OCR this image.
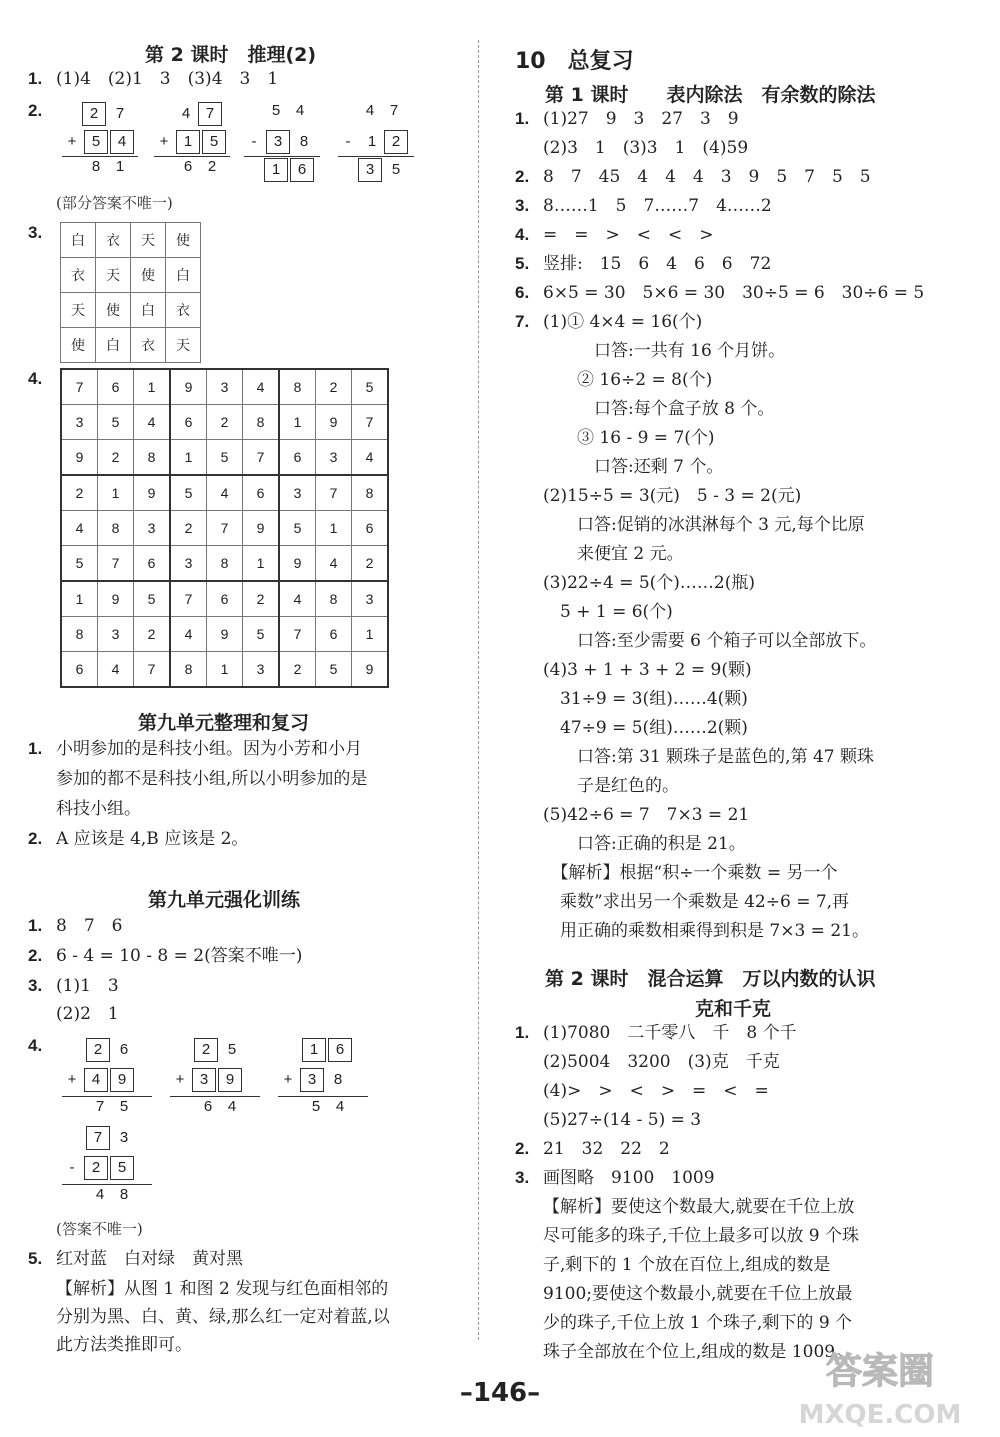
第 2 课时　推理(2)
1. (1)4　(2)1　3　(3)4　3　1
2.	2 7
+ 5 4
8 1
4 7
+ 1 5
6 2
5 4
- 3 8
1 6
4 7
- 1 2
3 5
(部分答案不唯一)
3.	白	衣	天	使
衣	天	使	白
天	使	白	衣
使	白	衣	天
4.	7	6	1	9	3	4	8	2	5
3	5	4	6	2	8	1	9	7
9	2	8	1	5	7	6	3	4
2	1	9	5	4	6	3	7	8
4	8	3	2	7	9	5	1	6
5	7	6	3	8	1	9	4	2
1	9	5	7	6	2	4	8	3
8	3	2	4	9	5	7	6	1
6	4	7	8	1	3	2	5	9
第九单元整理和复习
1. 小明参加的是科技小组。因为小芳和小月
参加的都不是科技小组,所以小明参加的是
科技小组。
2. A 应该是 4,B 应该是 2。
第九单元强化训练
1. 8　7　6
2. 6 - 4 = 10 - 8 = 2(答案不唯一)
3. (1)1　3
(2)2　1
4.	2 6
+ 4 9
7 5
2 5
+ 3 9
6 4
1 6
+ 3 8
5 4
7 3
- 2 5
4 8
(答案不唯一)
5. 红对蓝　白对绿　黄对黑
【解析】从图 1 和图 2 发现与红色面相邻的
分别为黑、白、黄、绿,那么红一定对着蓝,以
此方法类推即可。
10　总复习
第 1 课时　　表内除法　有余数的除法
1. (1)27　9　3　27　3　9
(2)3　1　(3)3　1　(4)59
2. 8　7　45　4　4　4　3　9　5　7　5　5
3. 8……1　5　7……7　4……2
4. =　=　>　<　<　>
5. 竖排:　15　6　4　6　6　72
6. 6×5 = 30　5×6 = 30　30÷5 = 6　30÷6 = 5
7. (1)① 4×4 = 16(个)
　　　口答:一共有 16 个月饼。
　　② 16÷2 = 8(个)
　　　口答:每个盒子放 8 个。
　　③ 16 - 9 = 7(个)
　　　口答:还剩 7 个。
(2)15÷5 = 3(元)　5 - 3 = 2(元)
　　口答:促销的冰淇淋每个 3 元,每个比原
　　来便宜 2 元。
(3)22÷4 = 5(个)……2(瓶)
　5 + 1 = 6(个)
　　口答:至少需要 6 个箱子可以全部放下。
(4)3 + 1 + 3 + 2 = 9(颗)
　31÷9 = 3(组)……4(颗)
　47÷9 = 5(组)……2(颗)
　　口答:第 31 颗珠子是蓝色的,第 47 颗珠
　　子是红色的。
(5)42÷6 = 7　7×3 = 21
　　口答:正确的积是 21。
　【解析】根据“积÷一个乘数 = 另一个
　乘数”求出另一个乘数是 42÷6 = 7,再
　用正确的乘数相乘得到积是 7×3 = 21。
第 2 课时　混合运算　万以内数的认识
克和千克
1. (1)7080　二千零八　千　8 个千
(2)5004　3200　(3)克　千克
(4)>　>　<　>　=　<　=
(5)27÷(14 - 5) = 3
2. 21　32　22　2
3. 画图略　9100　1009
【解析】要使这个数最大,就要在千位上放
尽可能多的珠子,千位上最多可以放 9 个珠
子,剩下的 1 个放在百位上,组成的数是
9100;要使这个数最小,就要在千位上放最
少的珠子,千位上放 1 个珠子,剩下的 9 个
珠子全部放在个位上,组成的数是 1009。
–146–
答案圈
MXQE.COM
